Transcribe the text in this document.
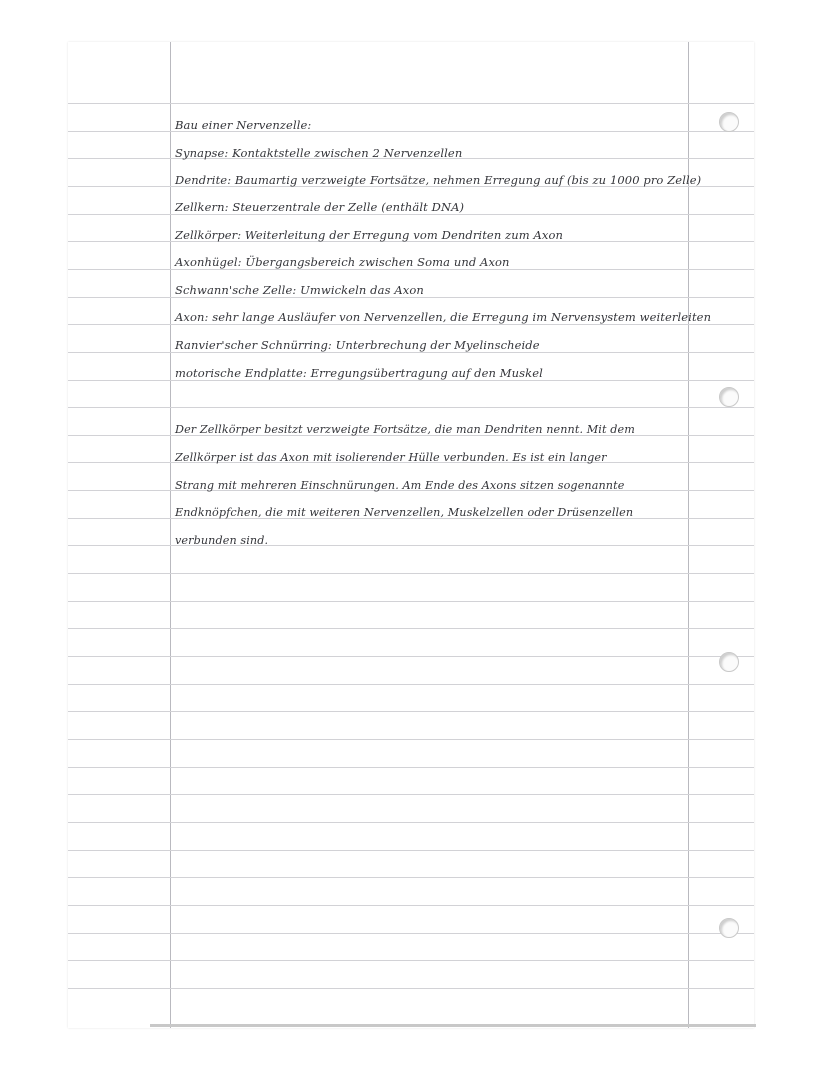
Bau einer Nervenzelle:
Synapse: Kontaktstelle zwischen 2 Nervenzellen
Dendrite: Baumartig verzweigte Fortsätze, nehmen Erregung auf (bis zu 1000 pro Zelle)
Zellkern: Steuerzentrale der Zelle (enthält DNA)
Zellkörper: Weiterleitung der Erregung vom Dendriten zum Axon
Axonhügel: Übergangsbereich zwischen Soma und Axon
Schwann'sche Zelle: Umwickeln das Axon
Axon: sehr lange Ausläufer von Nervenzellen, die Erregung im Nervensystem weiterleiten
Ranvier'scher Schnürring: Unterbrechung der Myelinscheide
motorische Endplatte: Erregungsübertragung auf den Muskel
Der Zellkörper besitzt verzweigte Fortsätze, die man Dendriten nennt. Mit dem
Zellkörper ist das Axon mit isolierender Hülle verbunden. Es ist ein langer
Strang mit mehreren Einschnürungen. Am Ende des Axons sitzen sogenannte
Endknöpfchen, die mit weiteren Nervenzellen, Muskelzellen oder Drüsenzellen
verbunden sind.
